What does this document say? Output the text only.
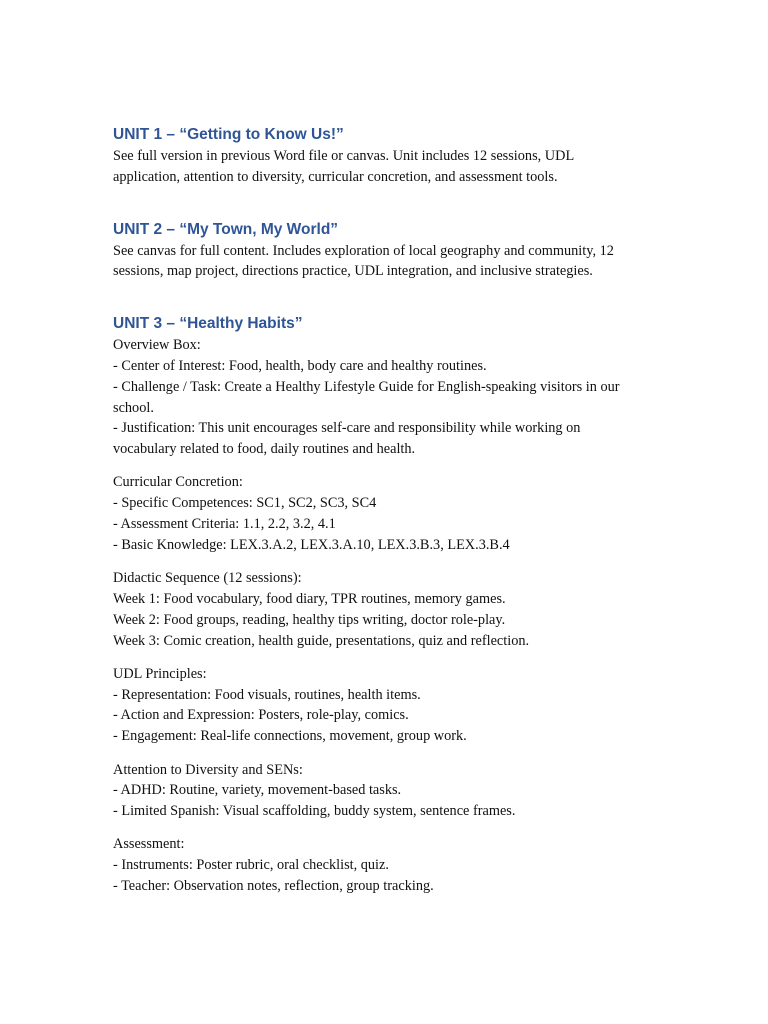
UNIT 1 – “Getting to Know Us!”

See full version in previous Word file or canvas. Unit includes 12 sessions, UDL
application, attention to diversity, curricular concretion, and assessment tools.

UNIT 2 – “My Town, My World”

See canvas for full content. Includes exploration of local geography and community, 12
sessions, map project, directions practice, UDL integration, and inclusive strategies.

UNIT 3 – “Healthy Habits”

Overview Box:
- Center of Interest: Food, health, body care and healthy routines.
- Challenge / Task: Create a Healthy Lifestyle Guide for English-speaking visitors in our
school.
- Justification: This unit encourages self-care and responsibility while working on
vocabulary related to food, daily routines and health.

Curricular Concretion:
- Specific Competences: SC1, SC2, SC3, SC4
- Assessment Criteria: 1.1, 2.2, 3.2, 4.1
- Basic Knowledge: LEX.3.A.2, LEX.3.A.10, LEX.3.B.3, LEX.3.B.4

Didactic Sequence (12 sessions):
Week 1: Food vocabulary, food diary, TPR routines, memory games.
Week 2: Food groups, reading, healthy tips writing, doctor role-play.
Week 3: Comic creation, health guide, presentations, quiz and reflection.

UDL Principles:
- Representation: Food visuals, routines, health items.
- Action and Expression: Posters, role-play, comics.
- Engagement: Real-life connections, movement, group work.

Attention to Diversity and SENs:
- ADHD: Routine, variety, movement-based tasks.
- Limited Spanish: Visual scaffolding, buddy system, sentence frames.

Assessment:
- Instruments: Poster rubric, oral checklist, quiz.
- Teacher: Observation notes, reflection, group tracking.
